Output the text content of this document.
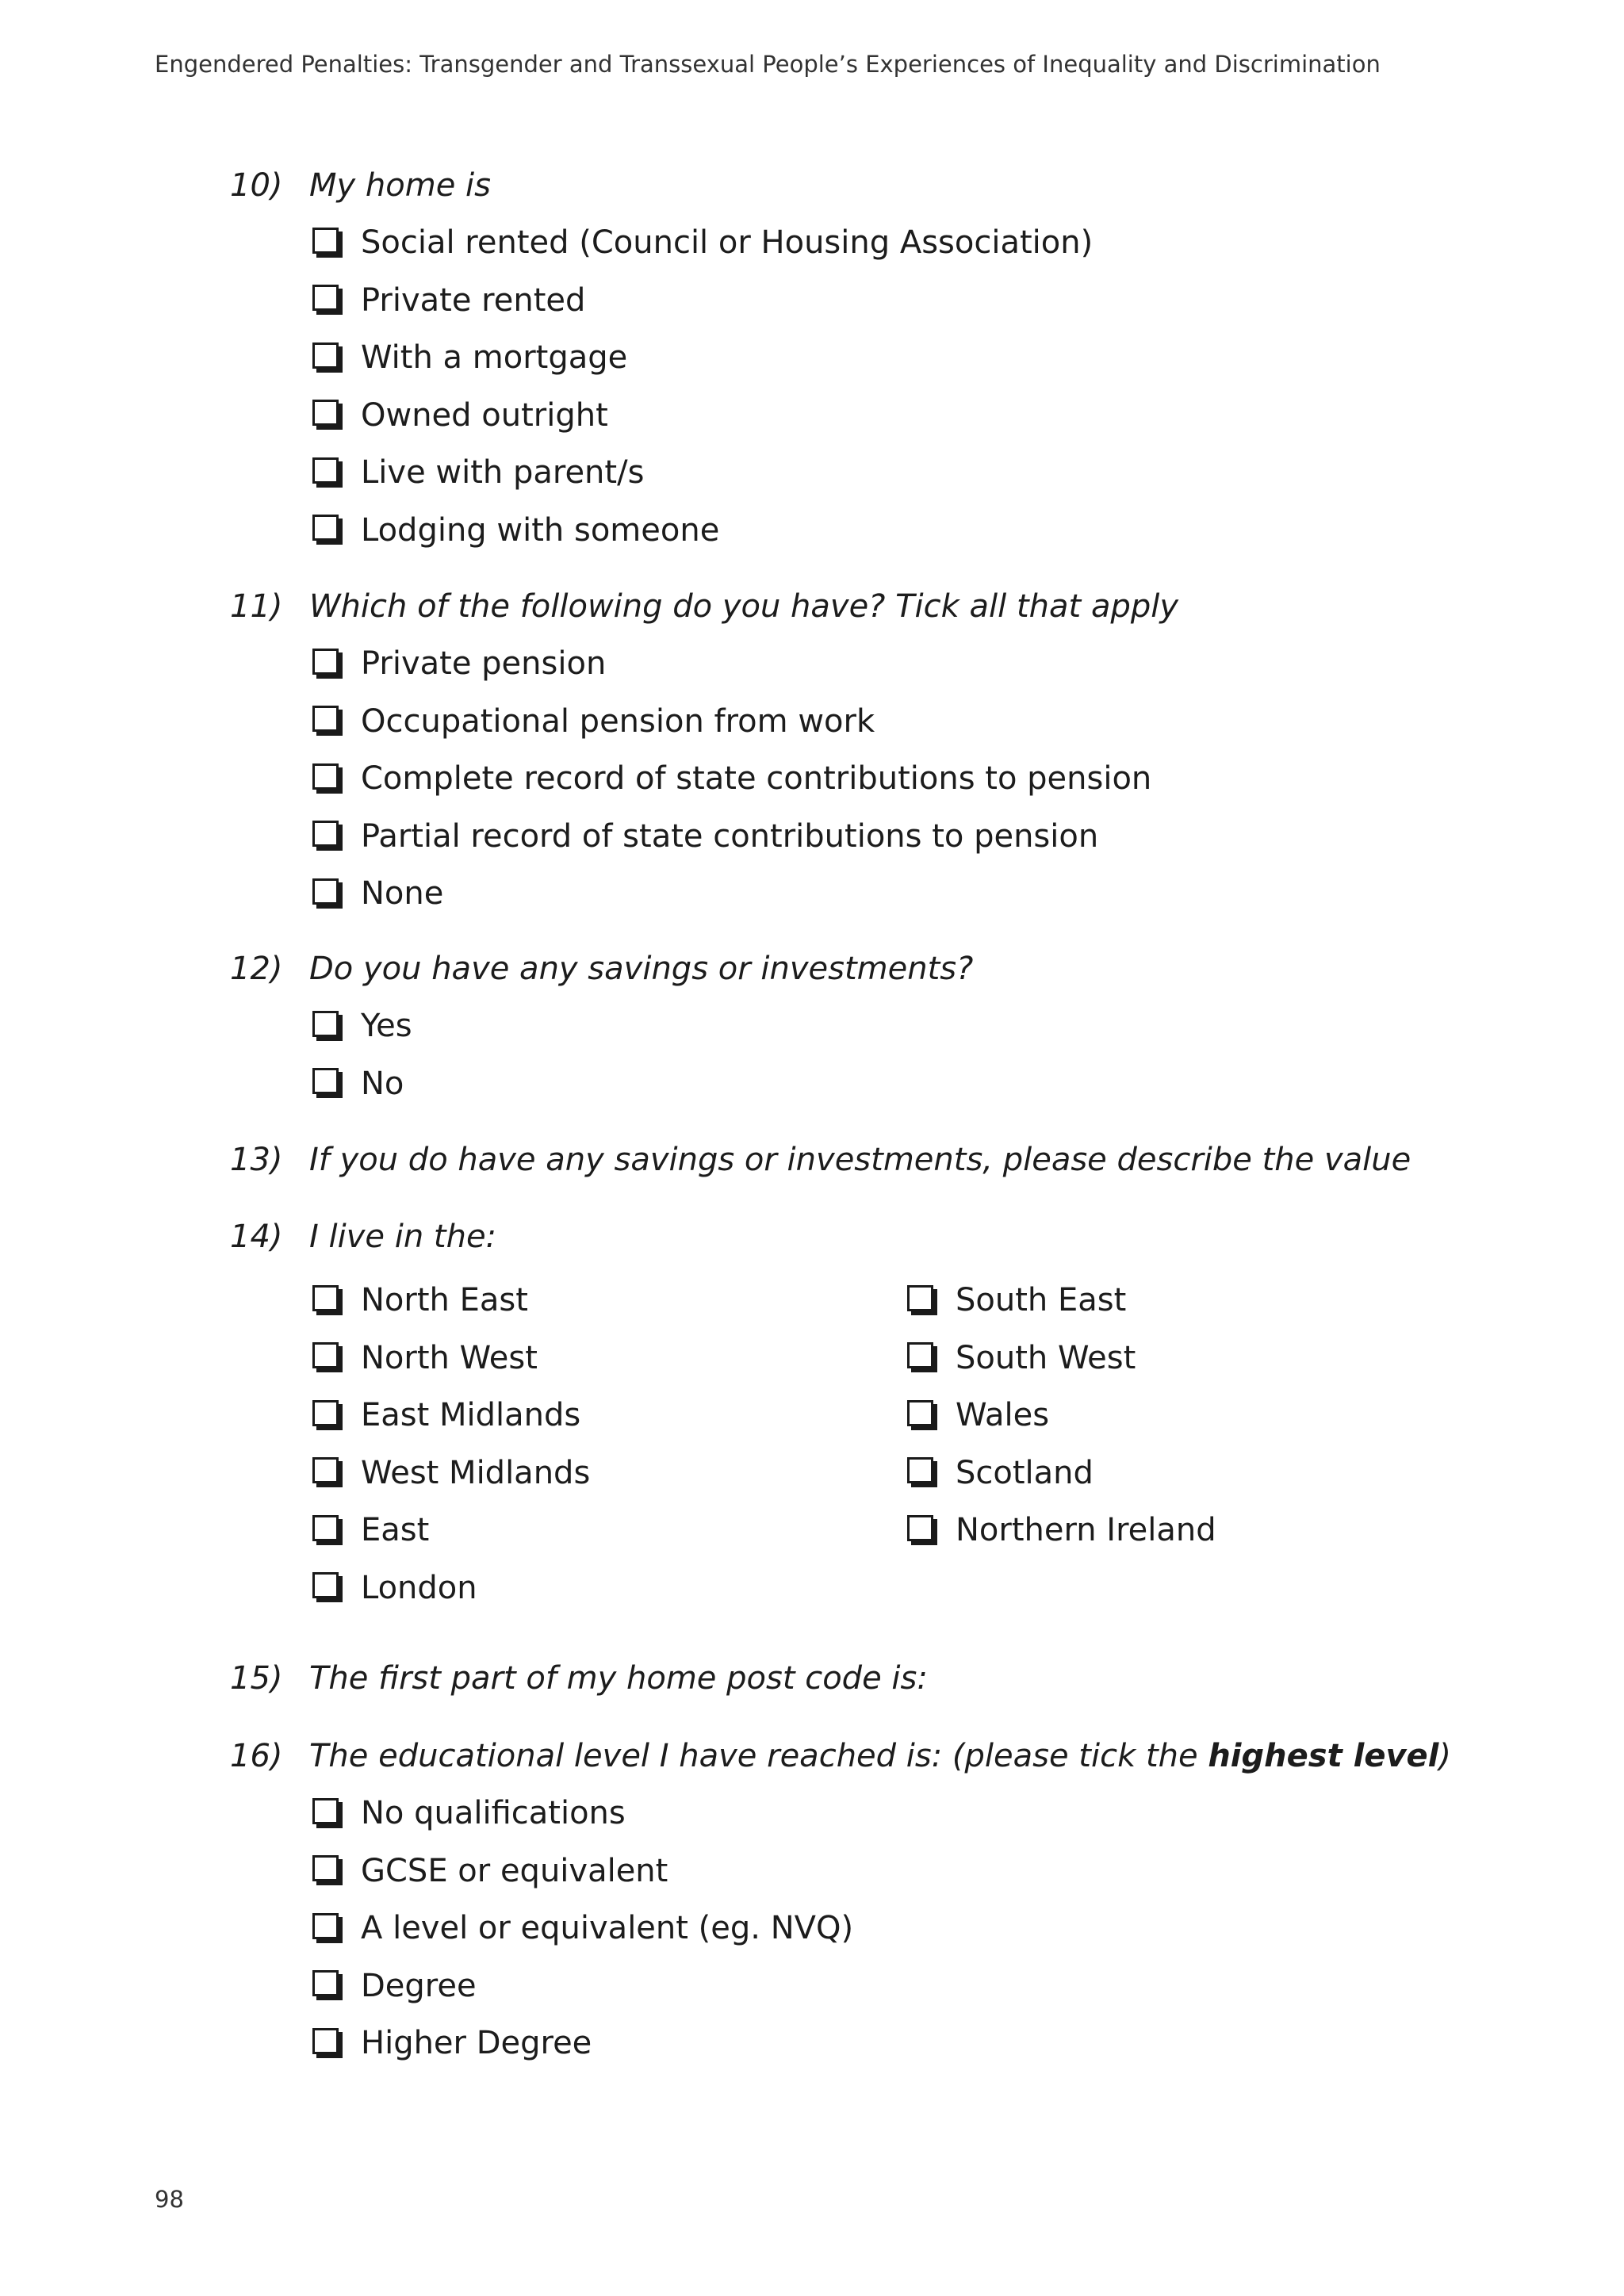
Engendered Penalties: Transgender and Transsexual People’s Experiences of Inequality and Discrimination
10) My home is
Social rented (Council or Housing Association)
Private rented
With a mortgage
Owned outright
Live with parent/s
Lodging with someone
11) Which of the following do you have? Tick all that apply
Private pension
Occupational pension from work
Complete record of state contributions to pension
Partial record of state contributions to pension
None
12) Do you have any savings or investments?
Yes
No
13) If you do have any savings or investments, please describe the value
14) I live in the:
North East
North West
East Midlands
West Midlands
East
London
South East
South West
Wales
Scotland
Northern Ireland
15) The first part of my home post code is:
16) The educational level I have reached is: (please tick the highest level)
No qualifications
GCSE or equivalent
A level or equivalent (eg. NVQ)
Degree
Higher Degree
98
